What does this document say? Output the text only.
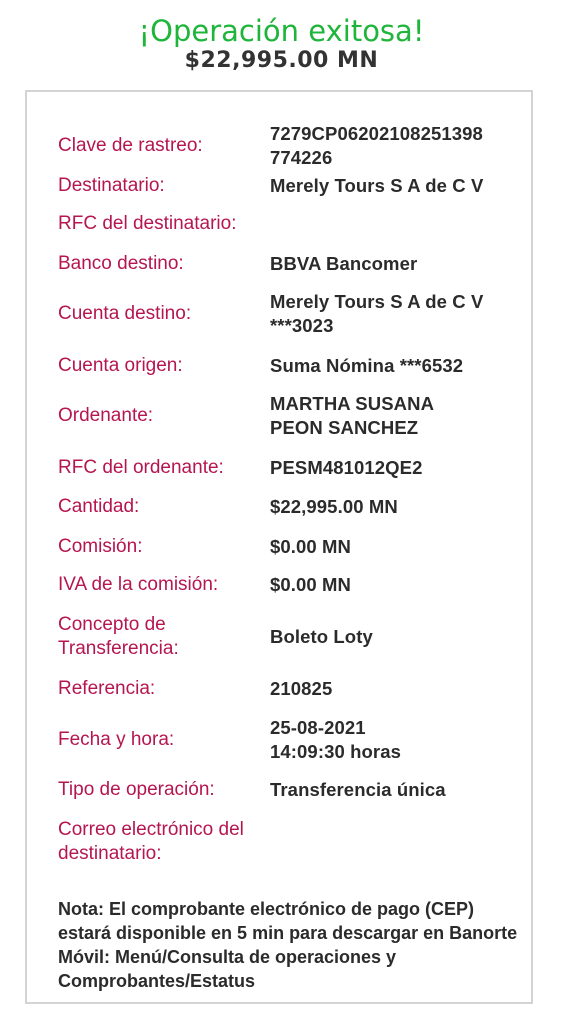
¡Operación exitosa!
$22,995.00 MN
Clave de rastreo:
7279CP06202108251398
774226
Destinatario:	Merely Tours S A de C V
RFC del destinatario:
Banco destino:	BBVA Bancomer
Cuenta destino:
Merely Tours S A de C V
***3023
Cuenta origen:	Suma Nómina ***6532
Ordenante:
MARTHA SUSANA
PEON SANCHEZ
RFC del ordenante:	PESM481012QE2
Cantidad:	$22,995.00 MN
Comisión:	$0.00 MN
IVA de la comisión:	$0.00 MN
Concepto de
Transferencia:
Boleto Loty
Referencia:	210825
Fecha y hora:
25-08-2021
14:09:30 horas
Tipo de operación:	Transferencia única
Correo electrónico del
destinatario:
Nota: El comprobante electrónico de pago (CEP) estará disponible en 5 min para descargar en Banorte Móvil: Menú/Consulta de operaciones y Comprobantes/Estatus
